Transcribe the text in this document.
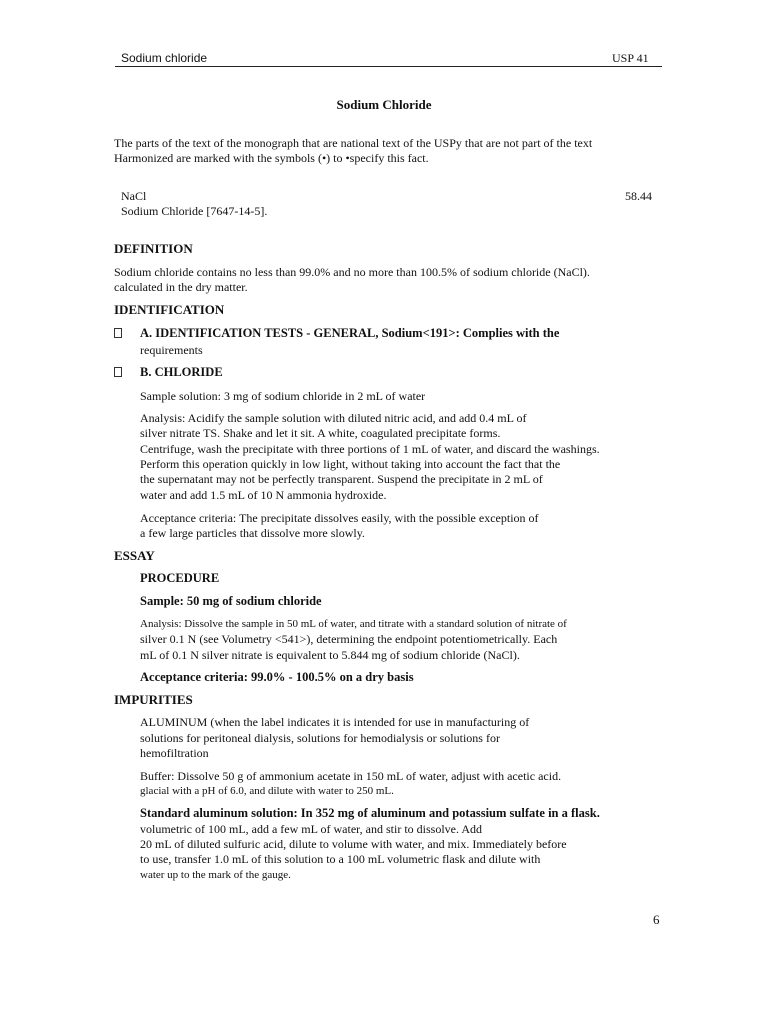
Sodium chloride	USP 41
Sodium Chloride
The parts of the text of the monograph that are national text of the USPy that are not part of the text
Harmonized are marked with the symbols (•) to •specify this fact.
NaCl	58.44
Sodium Chloride [7647-14-5].
DEFINITION
Sodium chloride contains no less than 99.0% and no more than 100.5% of sodium chloride (NaCl).
calculated in the dry matter.
IDENTIFICATION
A. IDENTIFICATION TESTS - GENERAL, Sodium<191>: Complies with the
requirements
B. CHLORIDE
Sample solution: 3 mg of sodium chloride in 2 mL of water
Analysis: Acidify the sample solution with diluted nitric acid, and add 0.4 mL of
silver nitrate TS. Shake and let it sit. A white, coagulated precipitate forms.
Centrifuge, wash the precipitate with three portions of 1 mL of water, and discard the washings.
Perform this operation quickly in low light, without taking into account the fact that the
the supernatant may not be perfectly transparent. Suspend the precipitate in 2 mL of
water and add 1.5 mL of 10 N ammonia hydroxide.
Acceptance criteria: The precipitate dissolves easily, with the possible exception of
a few large particles that dissolve more slowly.
ESSAY
PROCEDURE
Sample: 50 mg of sodium chloride
Analysis: Dissolve the sample in 50 mL of water, and titrate with a standard solution of nitrate of
silver 0.1 N (see Volumetry <541>), determining the endpoint potentiometrically. Each
mL of 0.1 N silver nitrate is equivalent to 5.844 mg of sodium chloride (NaCl).
Acceptance criteria: 99.0% - 100.5% on a dry basis
IMPURITIES
ALUMINUM (when the label indicates it is intended for use in manufacturing of
solutions for peritoneal dialysis, solutions for hemodialysis or solutions for
hemofiltration
Buffer: Dissolve 50 g of ammonium acetate in 150 mL of water, adjust with acetic acid.
glacial with a pH of 6.0, and dilute with water to 250 mL.
Standard aluminum solution: In 352 mg of aluminum and potassium sulfate in a flask.
volumetric of 100 mL, add a few mL of water, and stir to dissolve. Add
20 mL of diluted sulfuric acid, dilute to volume with water, and mix. Immediately before
to use, transfer 1.0 mL of this solution to a 100 mL volumetric flask and dilute with
water up to the mark of the gauge.
6
